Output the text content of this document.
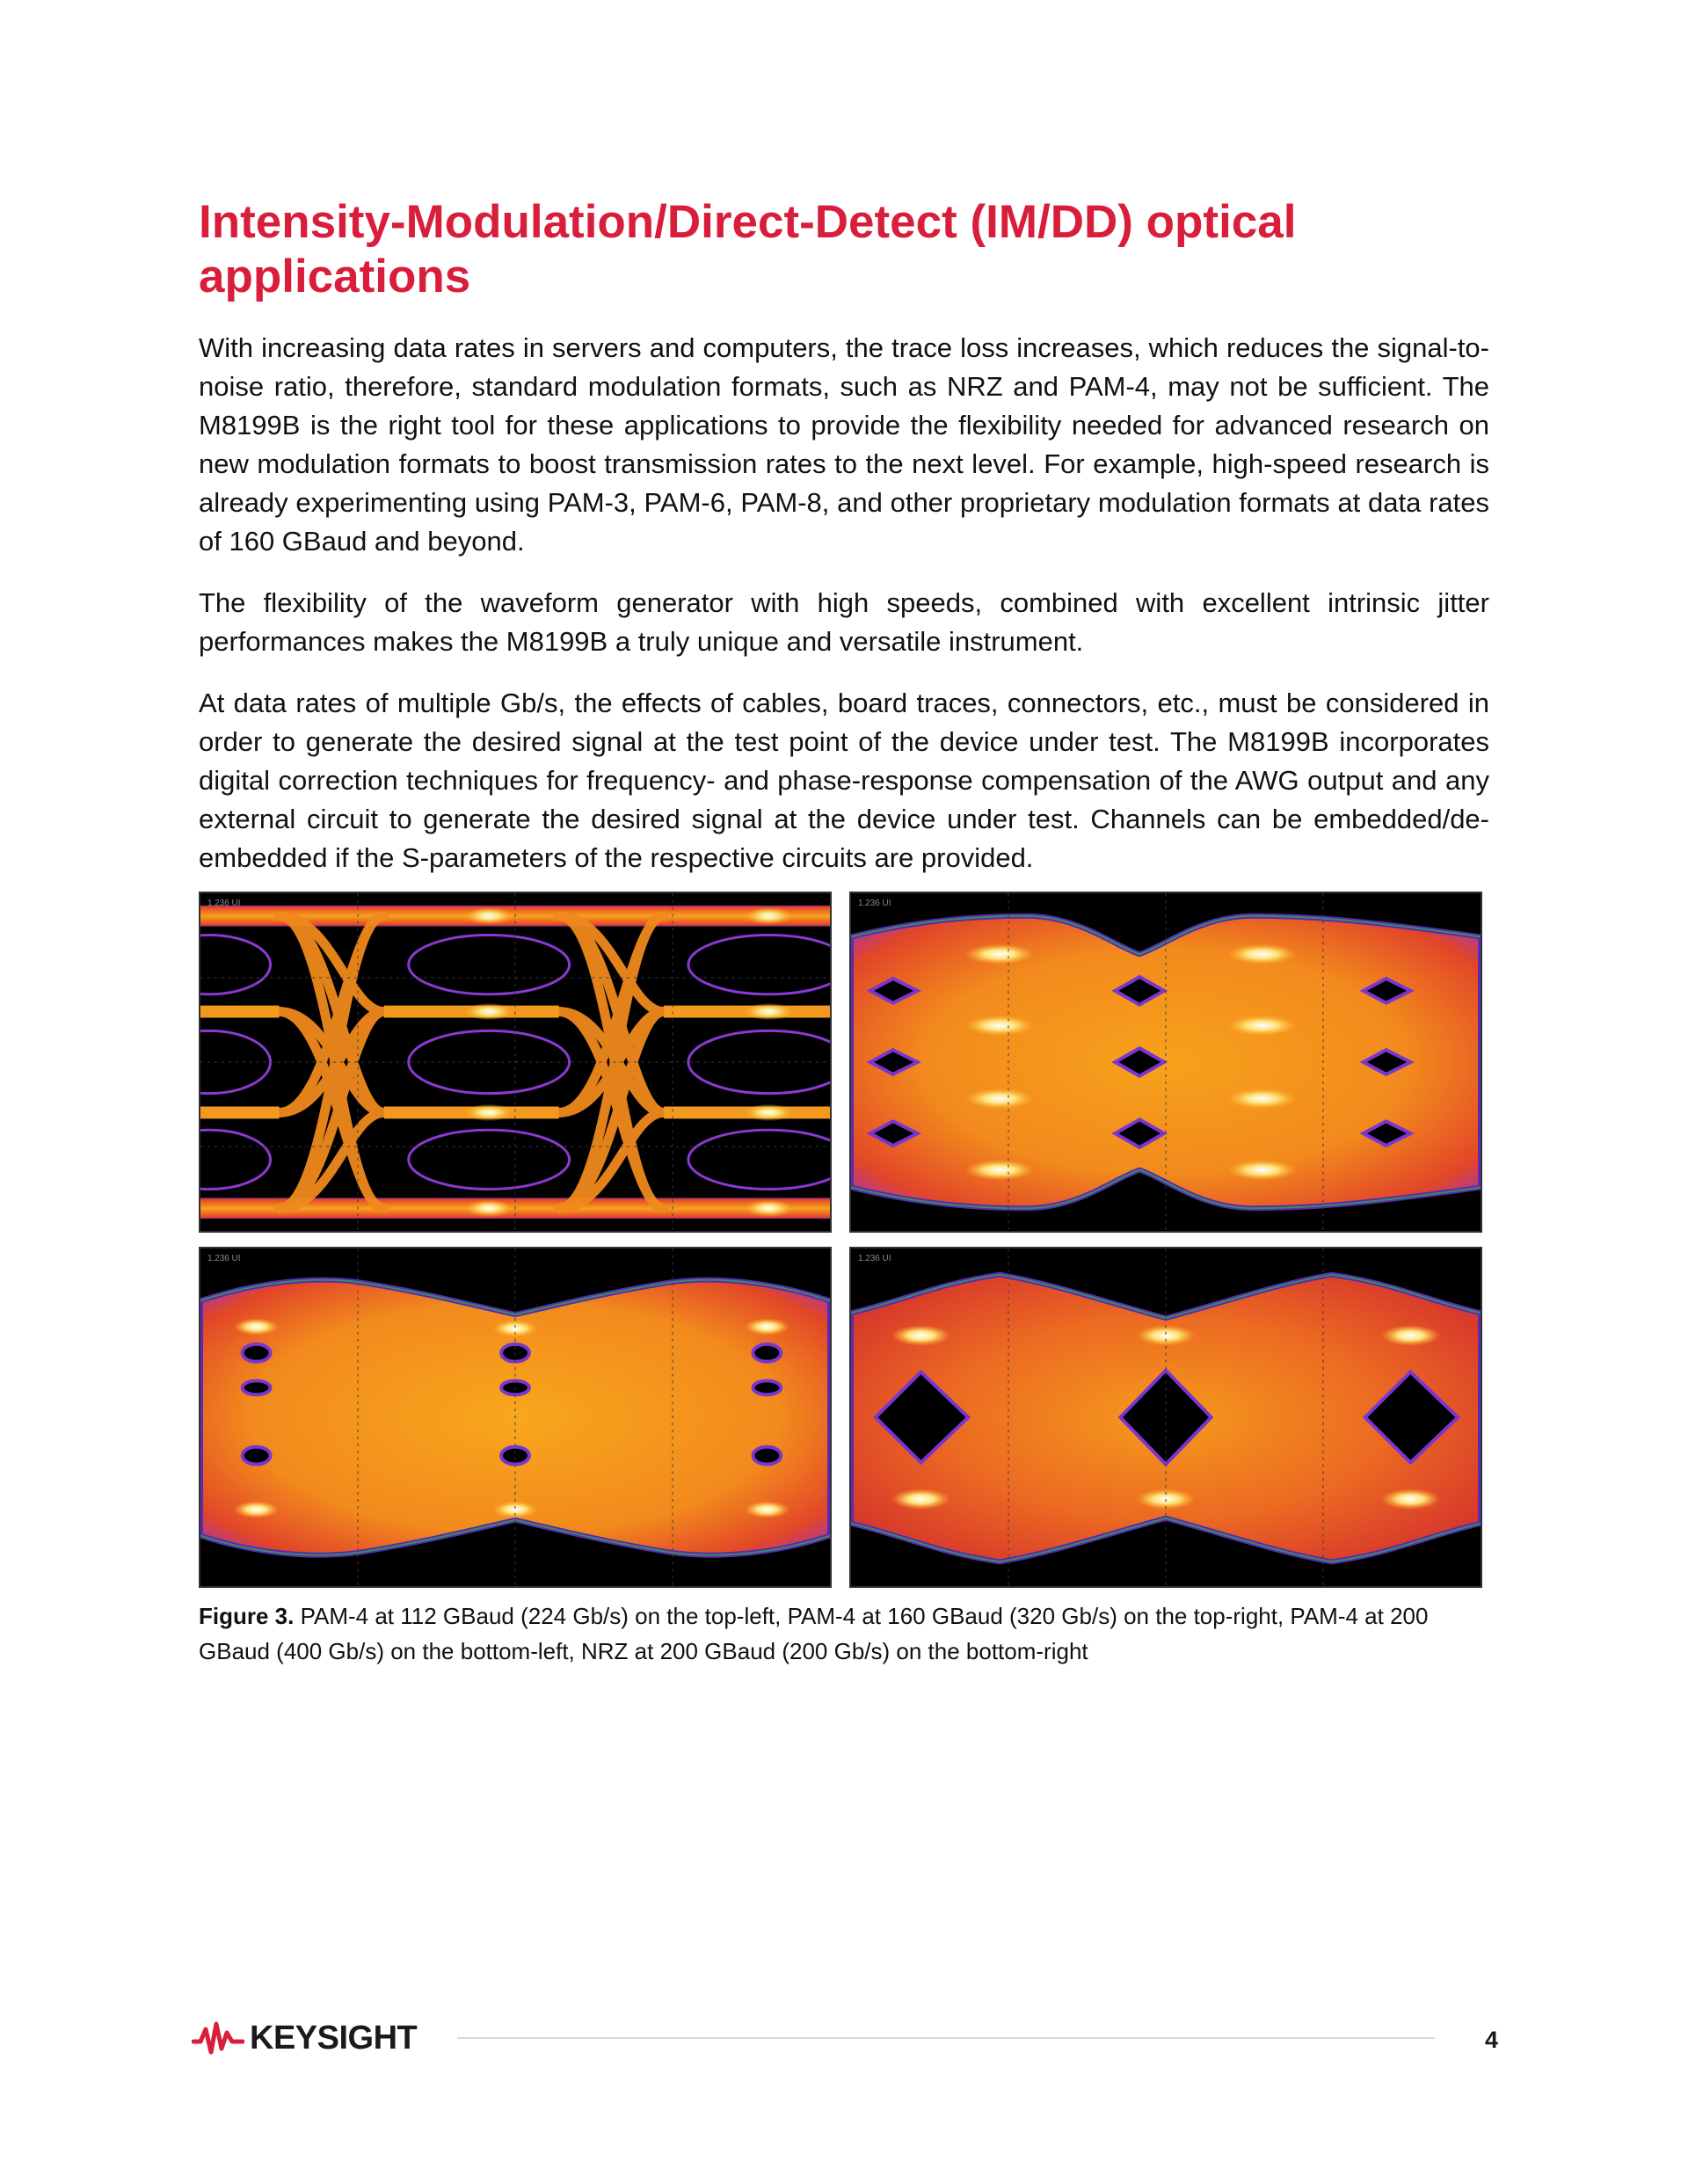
Intensity-Modulation/Direct-Detect (IM/DD) optical applications

With increasing data rates in servers and computers, the trace loss increases, which reduces the signal-to-noise ratio, therefore, standard modulation formats, such as NRZ and PAM-4, may not be sufficient. The M8199B is the right tool for these applications to provide the flexibility needed for advanced research on new modulation formats to boost transmission rates to the next level. For example, high-speed research is already experimenting using PAM-3, PAM-6, PAM-8, and other proprietary modulation formats at data rates of 160 GBaud and beyond.

The flexibility of the waveform generator with high speeds, combined with excellent intrinsic jitter performances makes the M8199B a truly unique and versatile instrument.

At data rates of multiple Gb/s, the effects of cables, board traces, connectors, etc., must be considered in order to generate the desired signal at the test point of the device under test. The M8199B incorporates digital correction techniques for frequency- and phase-response compensation of the AWG output and any external circuit to generate the desired signal at the device under test. Channels can be embedded/de-embedded if the S-parameters of the respective circuits are provided.

1.236 UI	1.236 UI
1.236 UI	1.236 UI

Figure 3. PAM-4 at 112 GBaud (224 Gb/s) on the top-left, PAM-4 at 160 GBaud (320 Gb/s) on the top-right, PAM-4 at 200 GBaud (400 Gb/s) on the bottom-left, NRZ at 200 GBaud (200 Gb/s) on the bottom-right

KEYSIGHT	4
